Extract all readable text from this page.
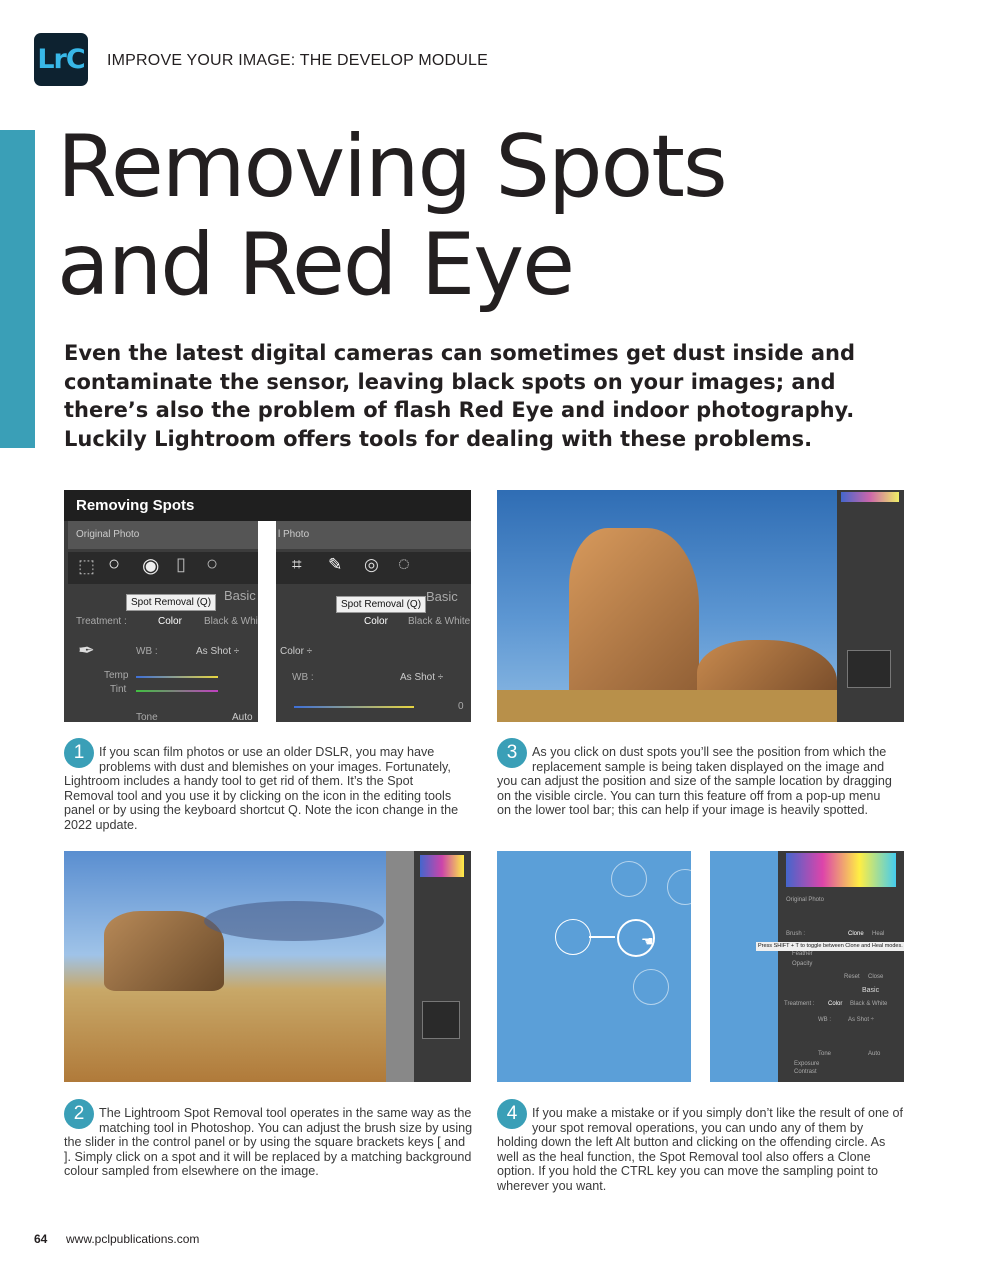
LrC IMPROVE YOUR IMAGE: THE DEVELOP MODULE
Removing Spots
and Red Eye

Even the latest digital cameras can sometimes get dust inside and contaminate the sensor, leaving black spots on your images; and there’s also the problem of flash Red Eye and indoor photography. Luckily Lightroom offers tools for dealing with these problems.

Removing Spots
Original Photo	l Photo
⬚ ○ ◉ ▯ ○	⌗ ✎ ◎ ◌
Spot Removal (Q)	Spot Removal (Q)
Basic	Basic
Treatment :	Color Black & Whi	Color Black & White
✒	WB :	As Shot ÷	Color ÷
WB :	As Shot ÷
Temp
Tint
Tone	Auto
0
1	If you scan film photos or use an older DSLR, you may have problems with dust and blemishes on your images. Fortunately, Lightroom includes a handy tool to get rid of them. It’s the Spot Removal tool and you use it by clicking on the icon in the editing tools panel or by using the keyboard shortcut Q. Note the icon change in the 2022 update.
3	As you click on dust spots you’ll see the position from which the replacement sample is being taken displayed on the image and you can adjust the position and size of the sample location by dragging on the visible circle. You can turn this feature off from a pop-up menu on the lower tool bar; this can help if your image is heavily spotted.
☚
Original Photo
Brush :	Clone Heal
Feather
Opacity
Reset Close
Basic
Treatment : Color Black & White
WB :	As Shot ÷
Tone	Auto
Exposure
Contrast
Press SHIFT + T to toggle between Clone and Heal modes.
2	The Lightroom Spot Removal tool operates in the same way as the matching tool in Photoshop. You can adjust the brush size by using the slider in the control panel or by using the square brackets keys [ and ]. Simply click on a spot and it will be replaced by a matching background colour sampled from elsewhere on the image.
4	If you make a mistake or if you simply don’t like the result of one of your spot removal operations, you can undo any of them by holding down the left Alt button and clicking on the offending circle. As well as the heal function, the Spot Removal tool also offers a Clone option. If you hold the CTRL key you can move the sampling point to wherever you want.
64 www.pclpublications.com
